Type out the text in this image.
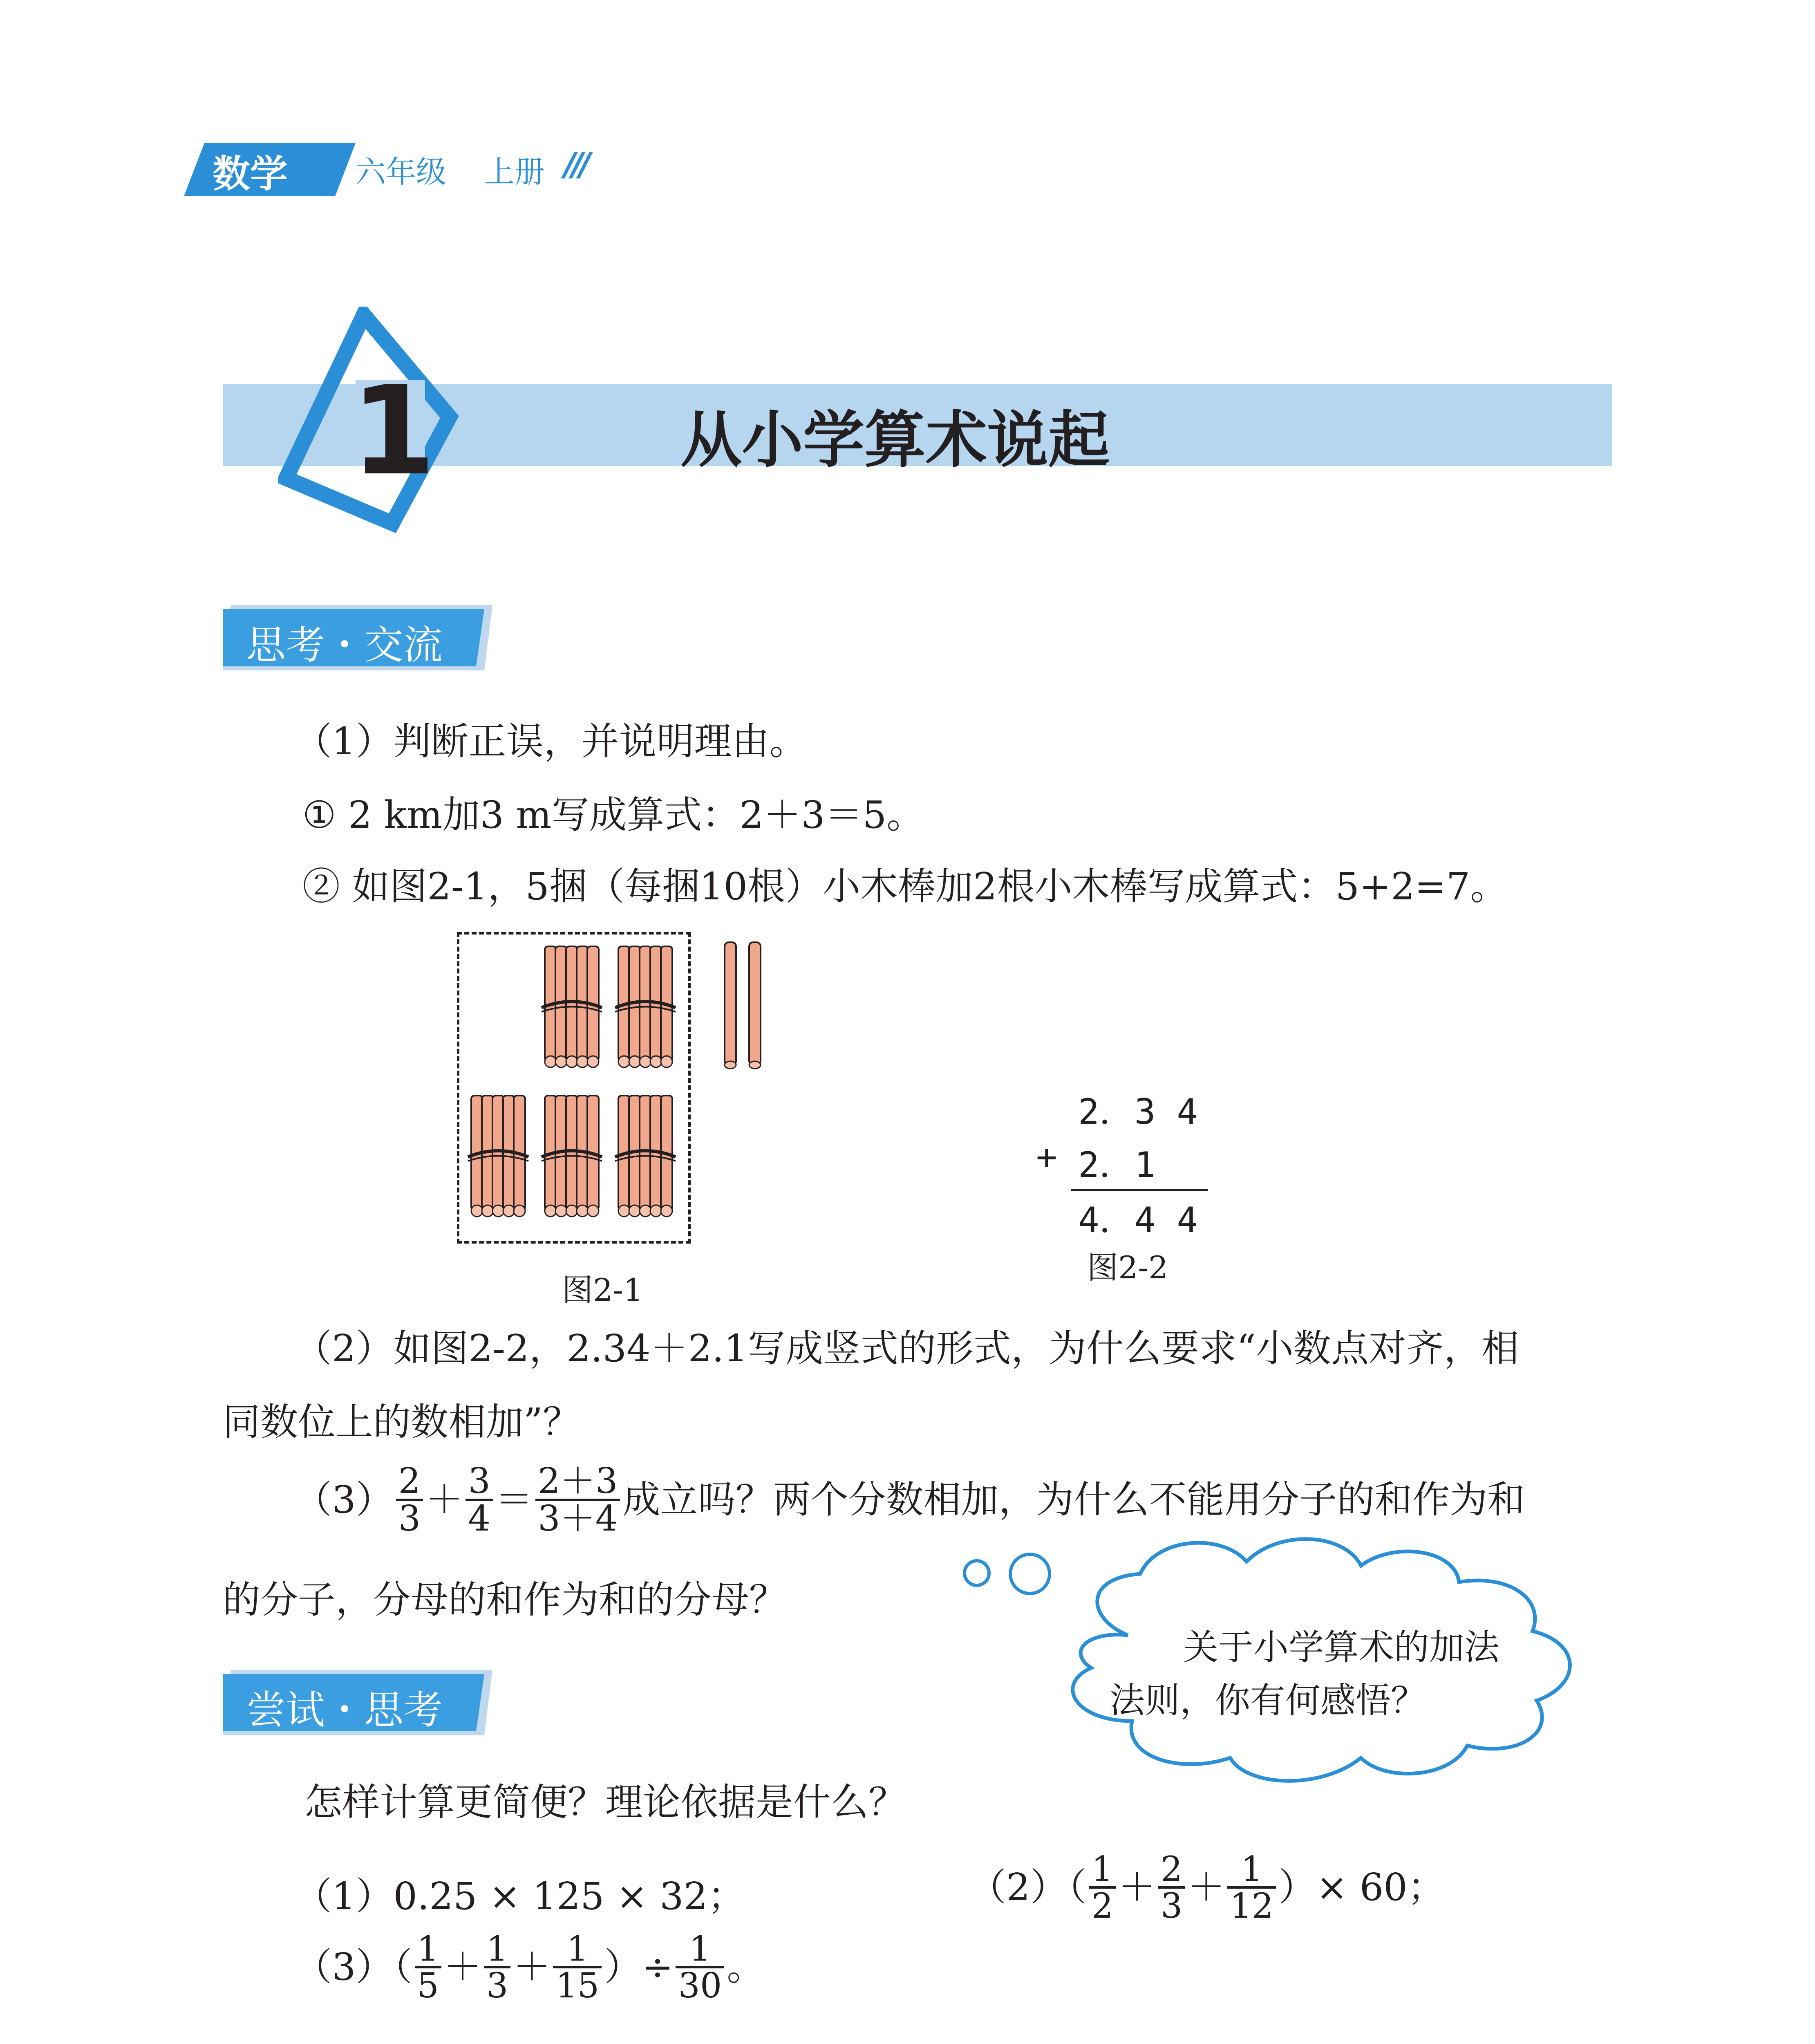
数学 六年级 上册 ///
1	从小学算术说起
思考・交流
（1）判断正误，并说明理由。
① 2 km加3 m写成算式：2＋3＝5。
② 如图2-1，5捆（每捆10根）小木棒加2根小木棒写成算式：5+2=7。
图2-1
2．3 4
+ 2．1
4．4 4
图2-2
（2）如图2-2，2.34＋2.1写成竖式的形式，为什么要求“小数点对齐，相
同数位上的数相加”？
$(3) \frac{2}{3} + \frac{3}{4} = \frac{2+3}{3+4}$ 成立吗？两个分数相加，为什么不能用分子的和作为和
的分子，分母的和作为和的分母？
关于小学算术的加法
法则，你有何感悟？
尝试・思考
怎样计算更简便？理论依据是什么？
（1）0.25 × 125 × 32；	$(2)( \frac{1}{2} + \frac{2}{3} + \frac{1}{12}$ ）× 60；
$(3)( \frac{1}{5} + \frac{1}{3} + \frac{1}{15}$ ）÷ $\frac{1}{30}$ 。
